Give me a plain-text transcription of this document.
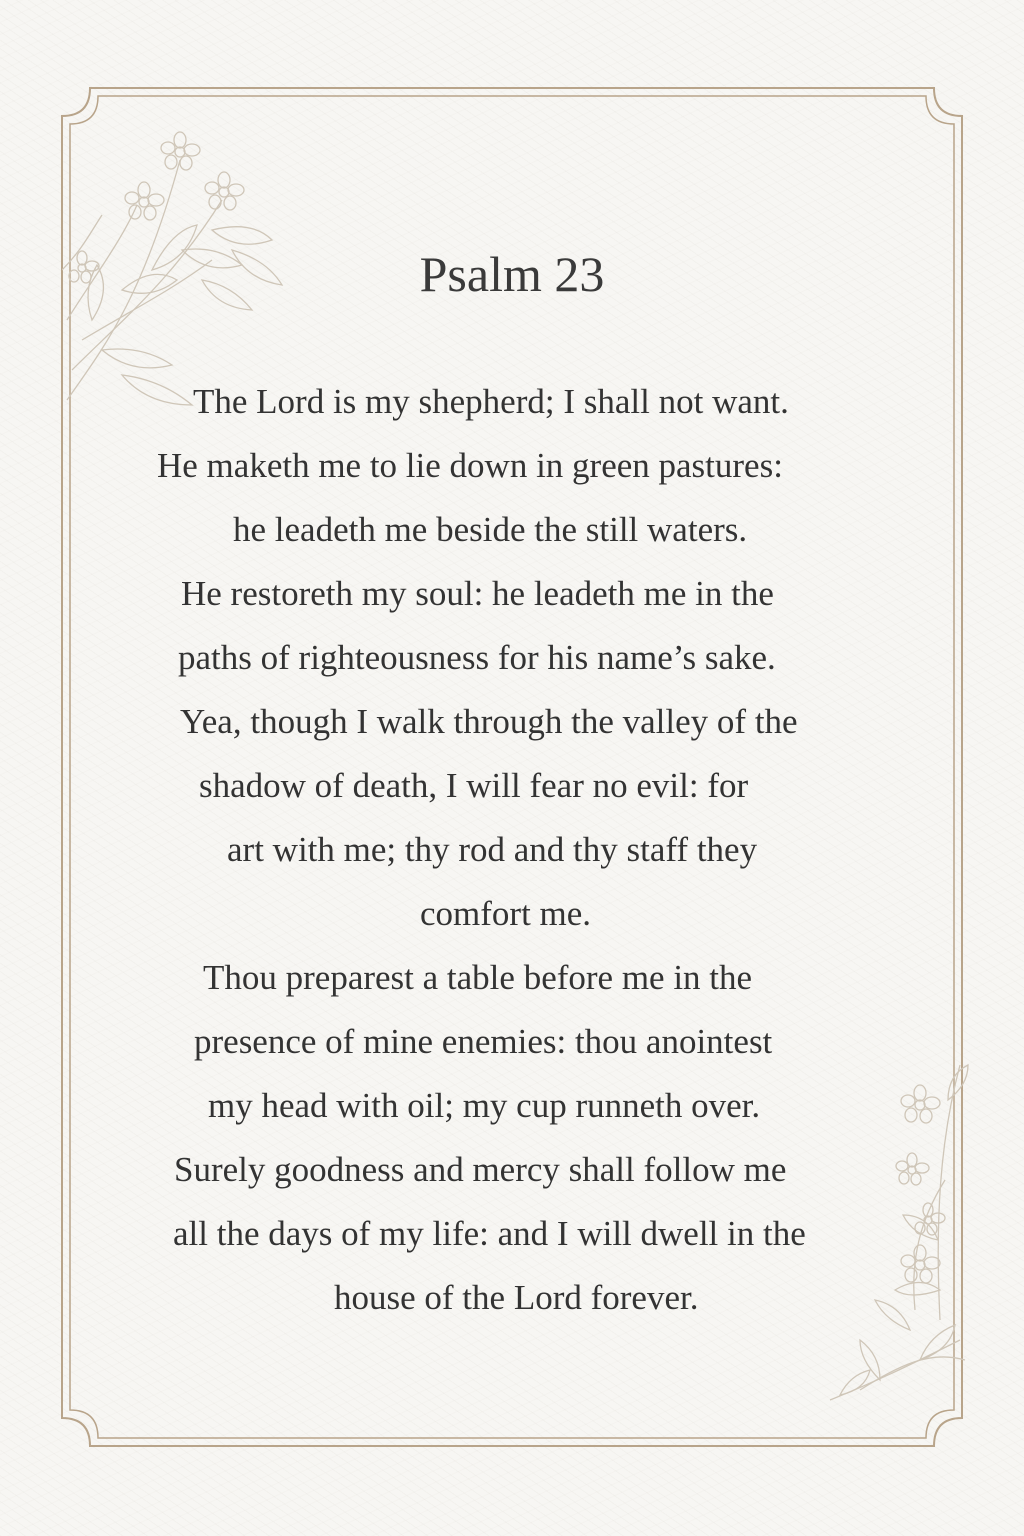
Psalm 23
The Lord is my shepherd; I shall not want.
He maketh me to lie down in green pastures:
he leadeth me beside the still waters.
He restoreth my soul: he leadeth me in the
paths of righteousness for his name’s sake.
Yea, though I walk through the valley of the
shadow of death, I will fear no evil: for
art with me; thy rod and thy staff they
comfort me.
Thou preparest a table before me in the
presence of mine enemies: thou anointest
my head with oil; my cup runneth over.
Surely goodness and mercy shall follow me
all the days of my life: and I will dwell in the
house of the Lord forever.
